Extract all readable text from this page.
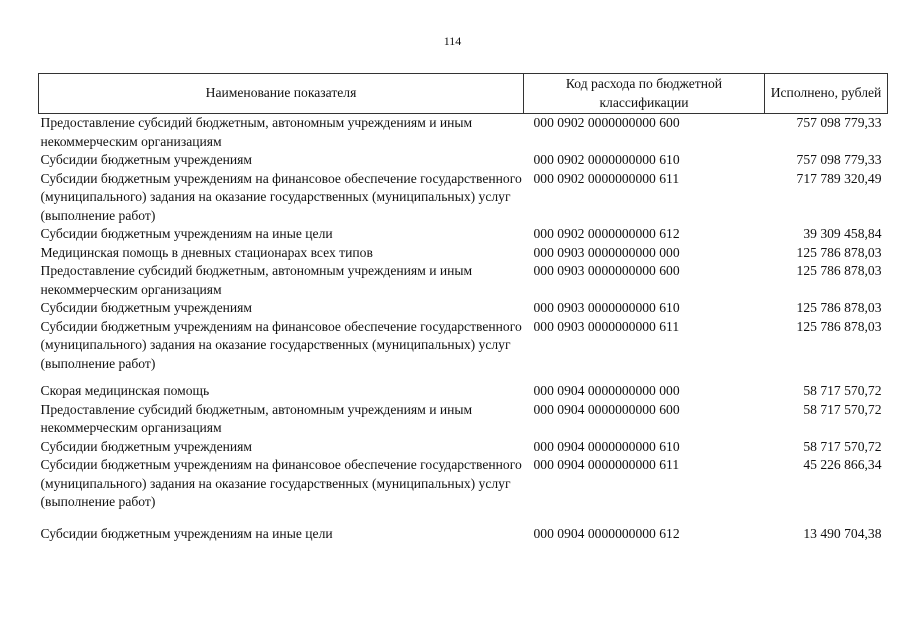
114
Наименование показателя	Код расхода по бюджетной классификации	Исполнено, рублей
Предоставление субсидий бюджетным, автономным учреждениям и иным некоммерческим организациям	000 0902 0000000000 600	757 098 779,33
Субсидии бюджетным учреждениям	000 0902 0000000000 610	757 098 779,33
Субсидии бюджетным учреждениям на финансовое обеспечение государственного (муниципального) задания на оказание государственных (муниципальных) услуг (выполнение работ)	000 0902 0000000000 611	717 789 320,49
Субсидии бюджетным учреждениям на иные цели	000 0902 0000000000 612	39 309 458,84
Медицинская помощь в дневных стационарах всех типов	000 0903 0000000000 000	125 786 878,03
Предоставление субсидий бюджетным, автономным учреждениям и иным некоммерческим организациям	000 0903 0000000000 600	125 786 878,03
Субсидии бюджетным учреждениям	000 0903 0000000000 610	125 786 878,03
Субсидии бюджетным учреждениям на финансовое обеспечение государственного (муниципального) задания на оказание государственных (муниципальных) услуг (выполнение работ)	000 0903 0000000000 611	125 786 878,03
Скорая медицинская помощь	000 0904 0000000000 000	58 717 570,72
Предоставление субсидий бюджетным, автономным учреждениям и иным некоммерческим организациям	000 0904 0000000000 600	58 717 570,72
Субсидии бюджетным учреждениям	000 0904 0000000000 610	58 717 570,72
Субсидии бюджетным учреждениям на финансовое обеспечение государственного (муниципального) задания на оказание государственных (муниципальных) услуг (выполнение работ)	000 0904 0000000000 611	45 226 866,34
Субсидии бюджетным учреждениям на иные цели	000 0904 0000000000 612	13 490 704,38
